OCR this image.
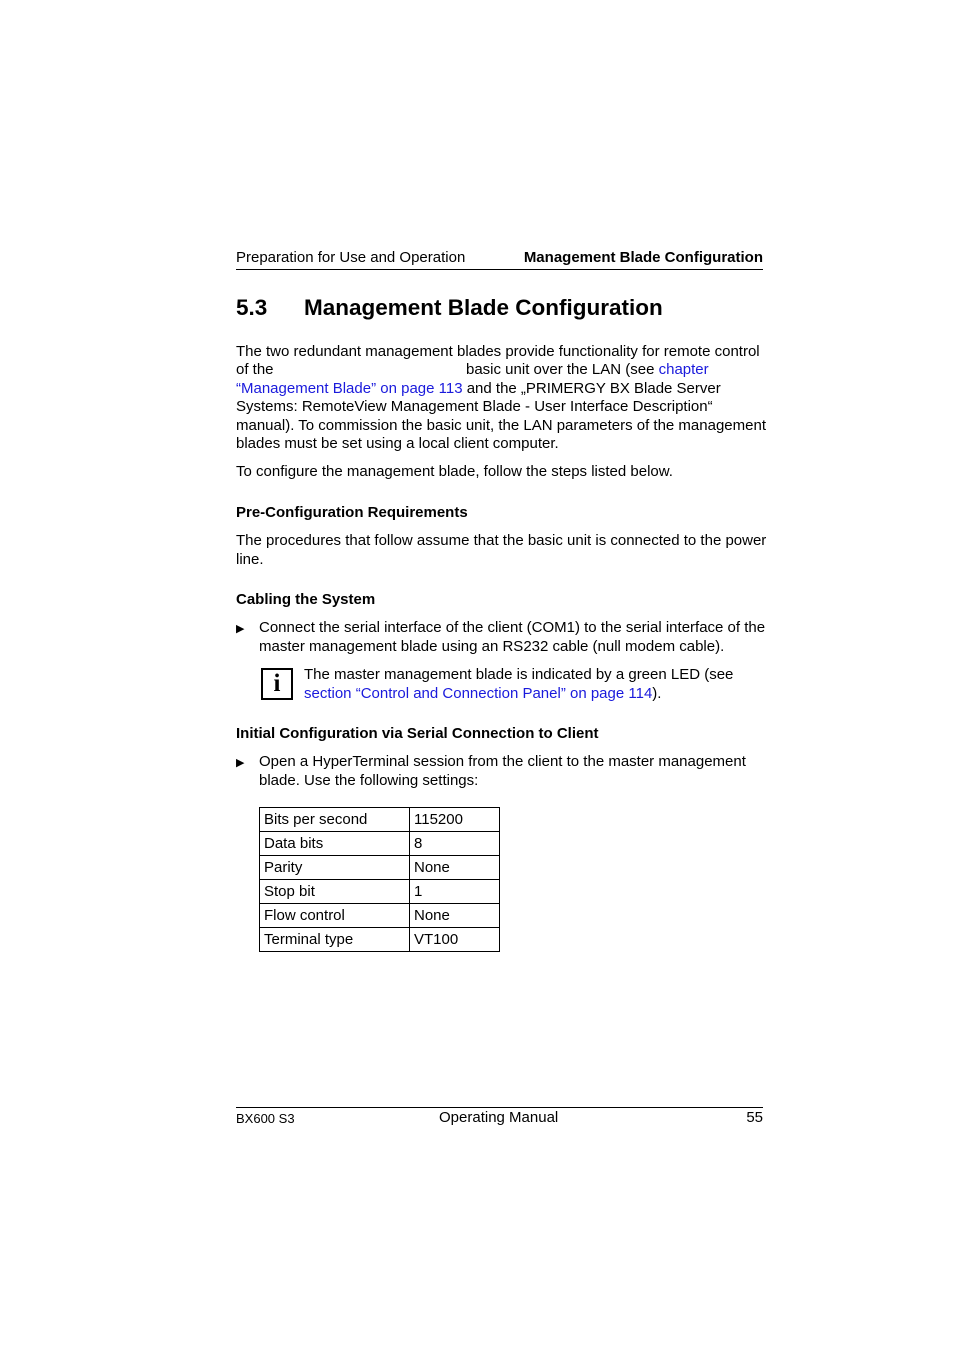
Preparation for Use and Operation	Management Blade Configuration
5.3 Management Blade Configuration
The two redundant management blades provide functionality for remote control
of the	basic unit over the LAN (see chapter
“Management Blade” on page 113 and the „PRIMERGY BX Blade Server
Systems: RemoteView Management Blade - User Interface Description“
manual). To commission the basic unit, the LAN parameters of the management
blades must be set using a local client computer.
To configure the management blade, follow the steps listed below.
Pre-Configuration Requirements
The procedures that follow assume that the basic unit is connected to the power
line.
Cabling the System
▶ Connect the serial interface of the client (COM1) to the serial interface of the
master management blade using an RS232 cable (null modem cable).
i	The master management blade is indicated by a green LED (see
section “Control and Connection Panel” on page 114).
Initial Configuration via Serial Connection to Client
▶ Open a HyperTerminal session from the client to the master management
blade. Use the following settings:
Bits per second	115200
Data bits	8
Parity	None
Stop bit	1
Flow control	None
Terminal type	VT100
BX600 S3	Operating Manual	55
